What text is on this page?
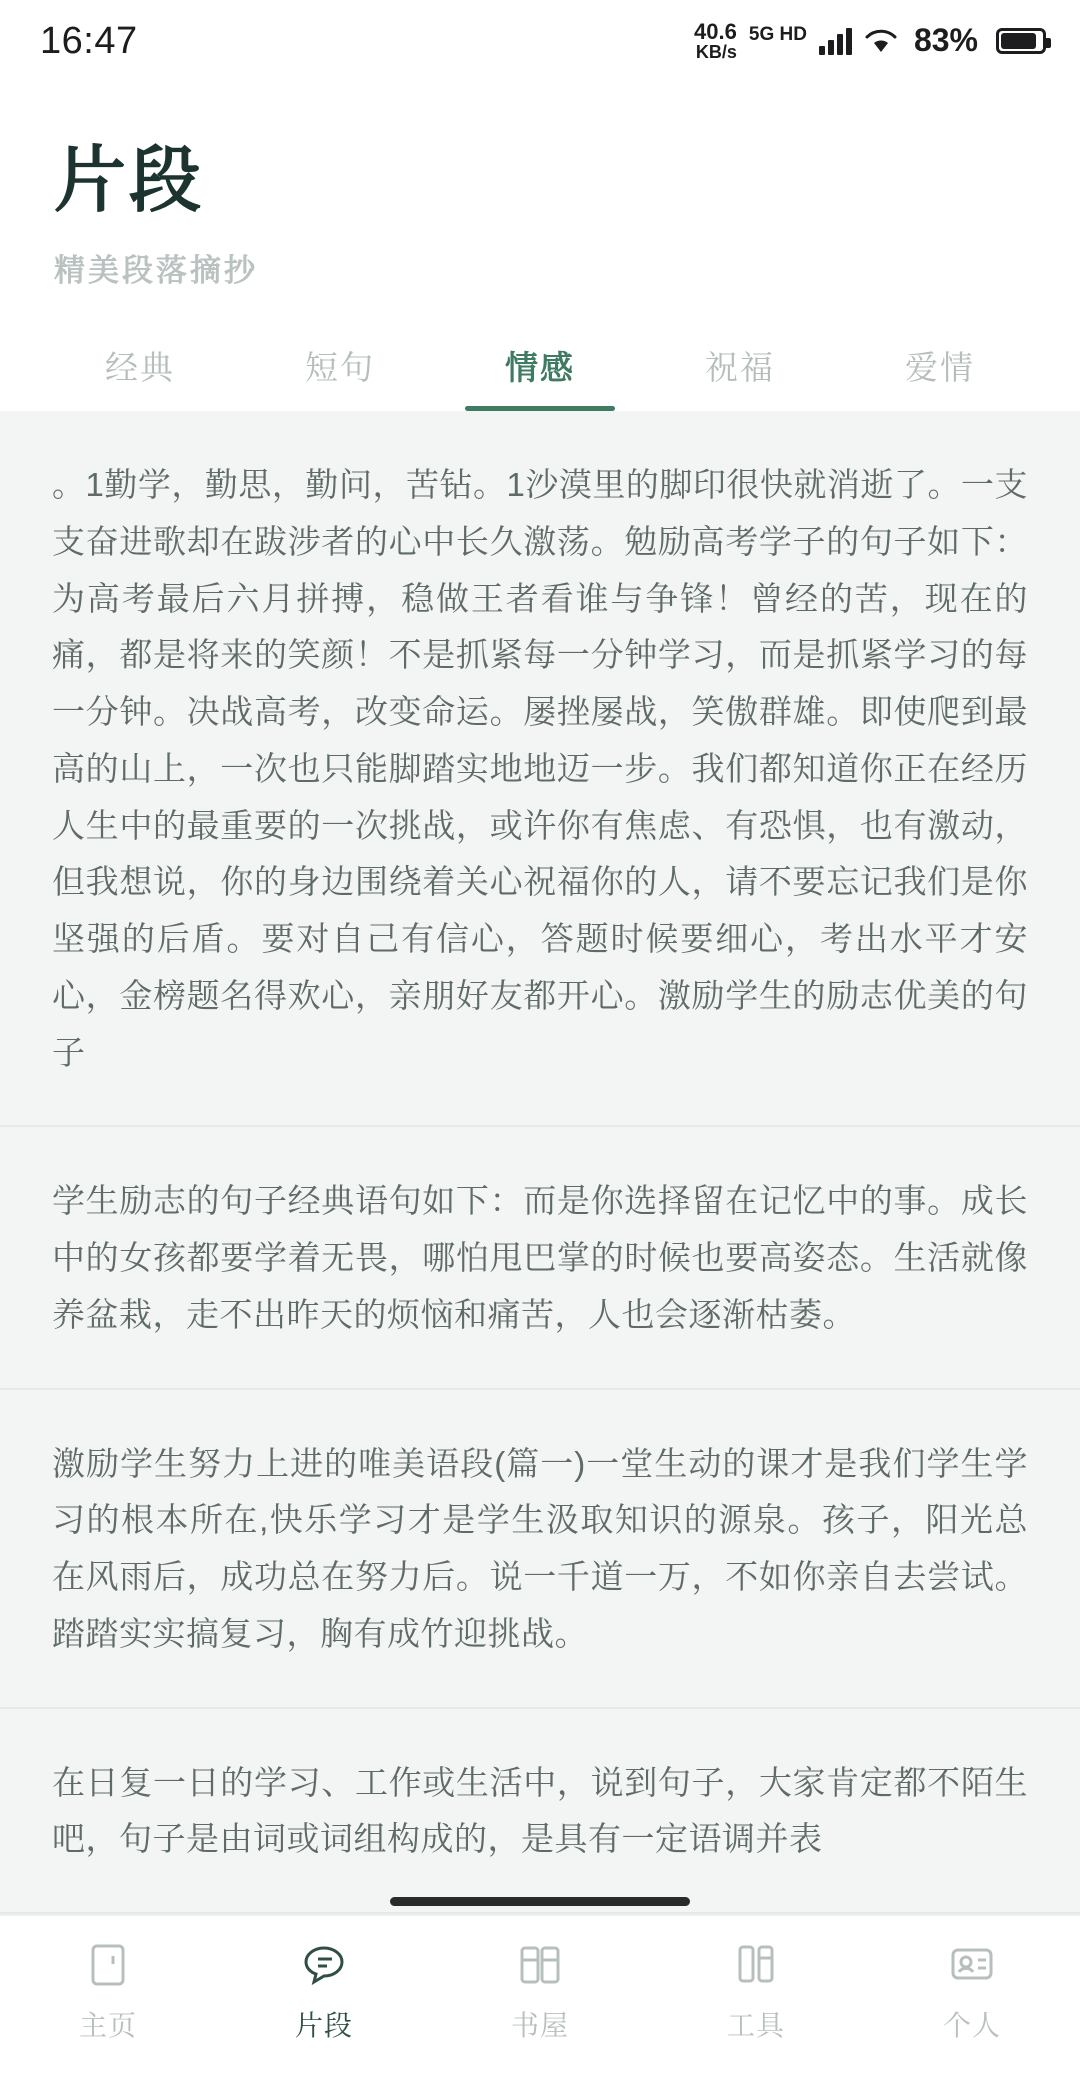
16:47	40.6
KB/s
5G HD	83%
片段
精美段落摘抄
经典	短句	情感	祝福	爱情

。1勤学，勤思，勤问，苦钻。1沙漠里的脚印很快就消逝了。一支支奋进歌却在跋涉者的心中长久激荡。勉励高考学子的句子如下：为高考最后六月拼搏，稳做王者看谁与争锋！曾经的苦，现在的痛，都是将来的笑颜！不是抓紧每一分钟学习，而是抓紧学习的每一分钟。决战高考，改变命运。屡挫屡战，笑傲群雄。即使爬到最高的山上，一次也只能脚踏实地地迈一步。我们都知道你正在经历人生中的最重要的一次挑战，或许你有焦虑、有恐惧，也有激动，但我想说，你的身边围绕着关心祝福你的人，请不要忘记我们是你坚强的后盾。要对自己有信心，答题时候要细心，考出水平才安心，金榜题名得欢心，亲朋好友都开心。激励学生的励志优美的句子

学生励志的句子经典语句如下：而是你选择留在记忆中的事。成长中的女孩都要学着无畏，哪怕甩巴掌的时候也要高姿态。生活就像养盆栽，走不出昨天的烦恼和痛苦，人也会逐渐枯萎。

激励学生努力上进的唯美语段(篇一)一堂生动的课才是我们学生学习的根本所在,快乐学习才是学生汲取知识的源泉。孩子，阳光总在风雨后，成功总在努力后。说一千道一万，不如你亲自去尝试。踏踏实实搞复习，胸有成竹迎挑战。

在日复一日的学习、工作或生活中，说到句子，大家肯定都不陌生吧，句子是由词或词组构成的，是具有一定语调并表

主页	片段	书屋	工具	个人
